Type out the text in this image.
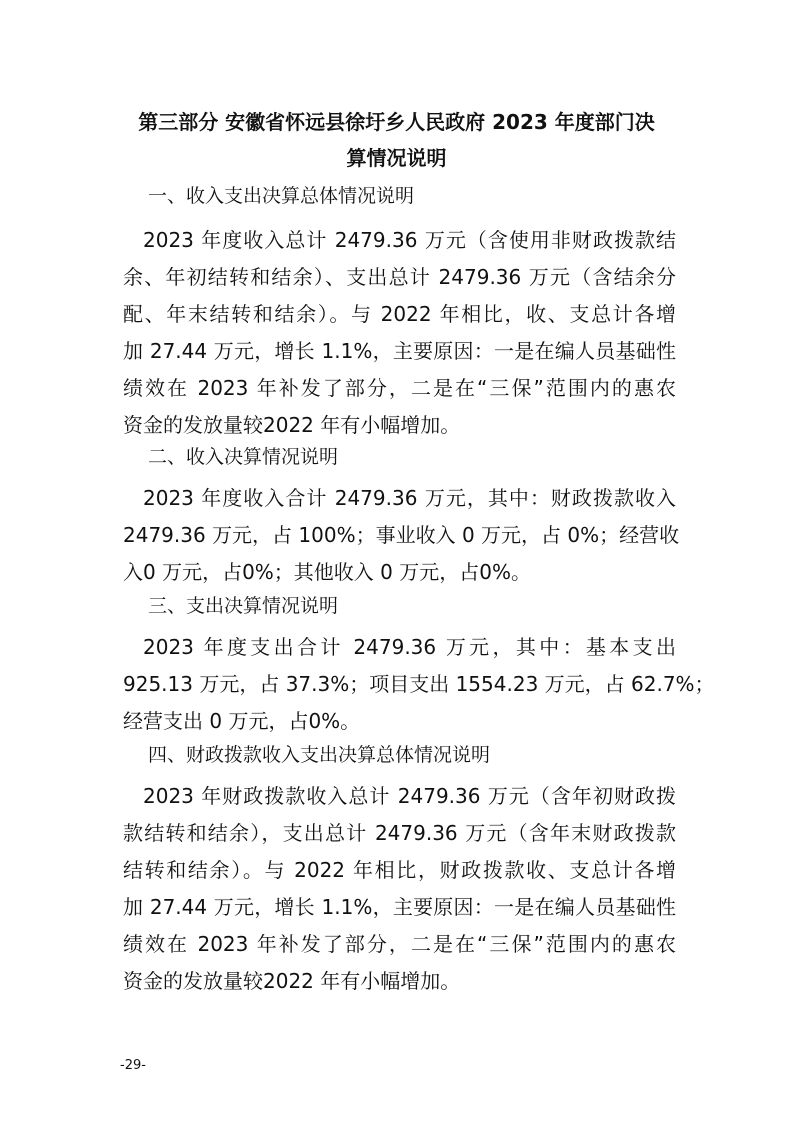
第三部分 安徽省怀远县徐圩乡人民政府 2023 年度部门决
算情况说明
一、收入支出决算总体情况说明
2023 年度收入总计 2479.36 万元（含使用非财政拨款结
余、年初结转和结余）、支出总计 2479.36 万元（含结余分
配、年末结转和结余）。与 2022 年相比，收、支总计各增
加 27.44 万元，增长 1.1%，主要原因：一是在编人员基础性
绩效在 2023 年补发了部分，二是在“三保”范围内的惠农
资金的发放量较2022 年有小幅增加。
二、收入决算情况说明
2023 年度收入合计 2479.36 万元，其中：财政拨款收入
2479.36 万元，占 100%；事业收入 0 万元，占 0%；经营收
入0 万元，占0%；其他收入 0 万元，占0%。
三、支出决算情况说明
2023 年度支出合计 2479.36 万元，其中：基本支出
925.13 万元，占 37.3%；项目支出 1554.23 万元，占 62.7%；
经营支出 0 万元，占0%。
四、财政拨款收入支出决算总体情况说明
2023 年财政拨款收入总计 2479.36 万元（含年初财政拨
款结转和结余），支出总计 2479.36 万元（含年末财政拨款
结转和结余）。与 2022 年相比，财政拨款收、支总计各增
加 27.44 万元，增长 1.1%，主要原因：一是在编人员基础性
绩效在 2023 年补发了部分，二是在“三保”范围内的惠农
资金的发放量较2022 年有小幅增加。
-29-
